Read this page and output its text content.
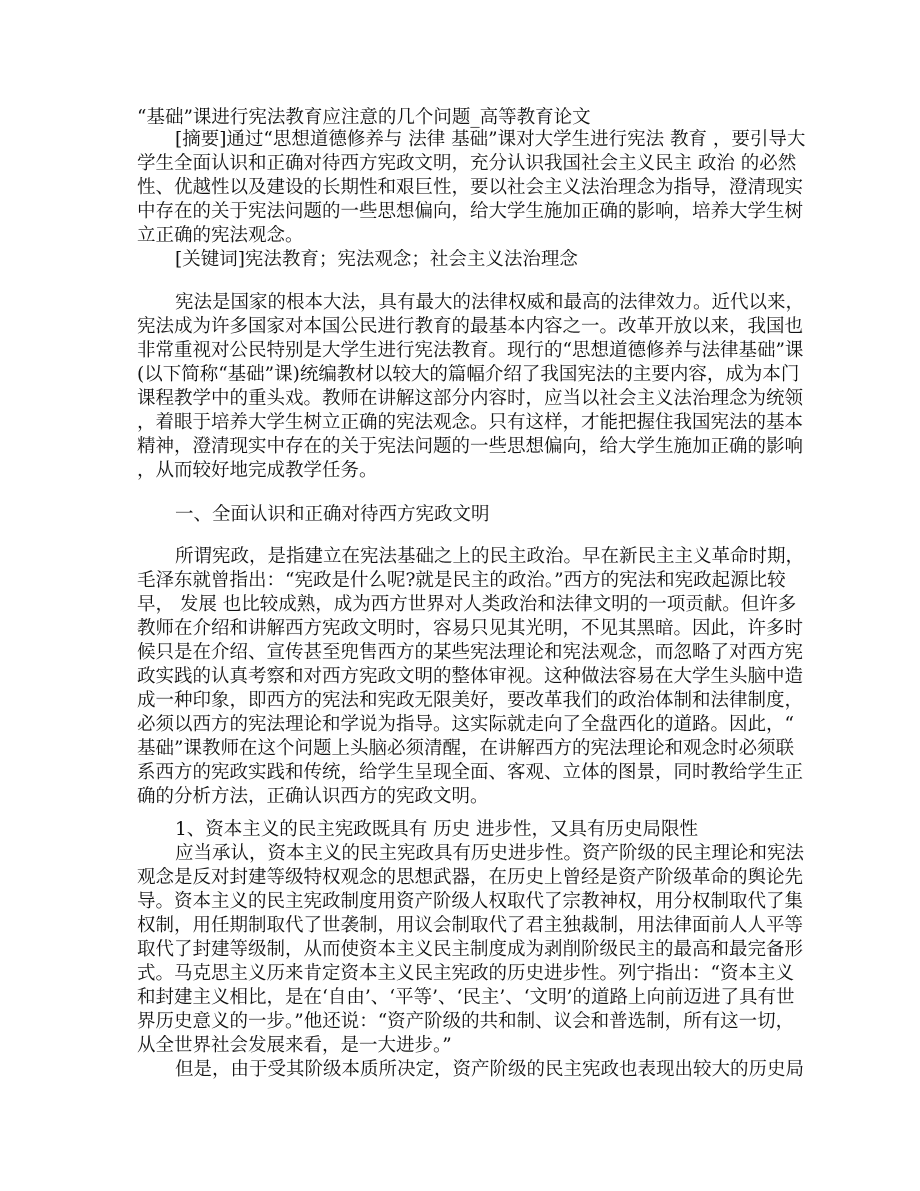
“基础”课进行宪法教育应注意的几个问题_高等教育论文
[摘要]通过“思想道德修养与 法律 基础”课对大学生进行宪法 教育 ，要引导大
学生全面认识和正确对待西方宪政文明，充分认识我国社会主义民主 政治 的必然
性、优越性以及建设的长期性和艰巨性，要以社会主义法治理念为指导，澄清现实
中存在的关于宪法问题的一些思想偏向，给大学生施加正确的影响，培养大学生树
立正确的宪法观念。
[关键词]宪法教育；宪法观念；社会主义法治理念
宪法是国家的根本大法，具有最大的法律权威和最高的法律效力。近代以来，
宪法成为许多国家对本国公民进行教育的最基本内容之一。改革开放以来，我国也
非常重视对公民特别是大学生进行宪法教育。现行的“思想道德修养与法律基础”课
(以下简称“基础”课)统编教材以较大的篇幅介绍了我国宪法的主要内容，成为本门
课程教学中的重头戏。教师在讲解这部分内容时，应当以社会主义法治理念为统领
，着眼于培养大学生树立正确的宪法观念。只有这样，才能把握住我国宪法的基本
精神，澄清现实中存在的关于宪法问题的一些思想偏向，给大学生施加正确的影响
，从而较好地完成教学任务。
一、全面认识和正确对待西方宪政文明
所谓宪政，是指建立在宪法基础之上的民主政治。早在新民主主义革命时期，
毛泽东就曾指出：“宪政是什么呢?就是民主的政治。”西方的宪法和宪政起源比较
早， 发展 也比较成熟，成为西方世界对人类政治和法律文明的一项贡献。但许多
教师在介绍和讲解西方宪政文明时，容易只见其光明，不见其黑暗。因此，许多时
候只是在介绍、宣传甚至兜售西方的某些宪法理论和宪法观念，而忽略了对西方宪
政实践的认真考察和对西方宪政文明的整体审视。这种做法容易在大学生头脑中造
成一种印象，即西方的宪法和宪政无限美好，要改革我们的政治体制和法律制度，
必须以西方的宪法理论和学说为指导。这实际就走向了全盘西化的道路。因此，“
基础”课教师在这个问题上头脑必须清醒，在讲解西方的宪法理论和观念时必须联
系西方的宪政实践和传统，给学生呈现全面、客观、立体的图景，同时教给学生正
确的分析方法，正确认识西方的宪政文明。
1、资本主义的民主宪政既具有 历史 进步性，又具有历史局限性
应当承认，资本主义的民主宪政具有历史进步性。资产阶级的民主理论和宪法
观念是反对封建等级特权观念的思想武器，在历史上曾经是资产阶级革命的舆论先
导。资本主义的民主宪政制度用资产阶级人权取代了宗教神权，用分权制取代了集
权制，用任期制取代了世袭制，用议会制取代了君主独裁制，用法律面前人人平等
取代了封建等级制，从而使资本主义民主制度成为剥削阶级民主的最高和最完备形
式。马克思主义历来肯定资本主义民主宪政的历史进步性。列宁指出：“资本主义
和封建主义相比，是在‘自由’、‘平等’、‘民主’、‘文明’的道路上向前迈进了具有世
界历史意义的一步。”他还说：“资产阶级的共和制、议会和普选制，所有这一切，
从全世界社会发展来看，是一大进步。”
但是，由于受其阶级本质所决定，资产阶级的民主宪政也表现出较大的历史局
